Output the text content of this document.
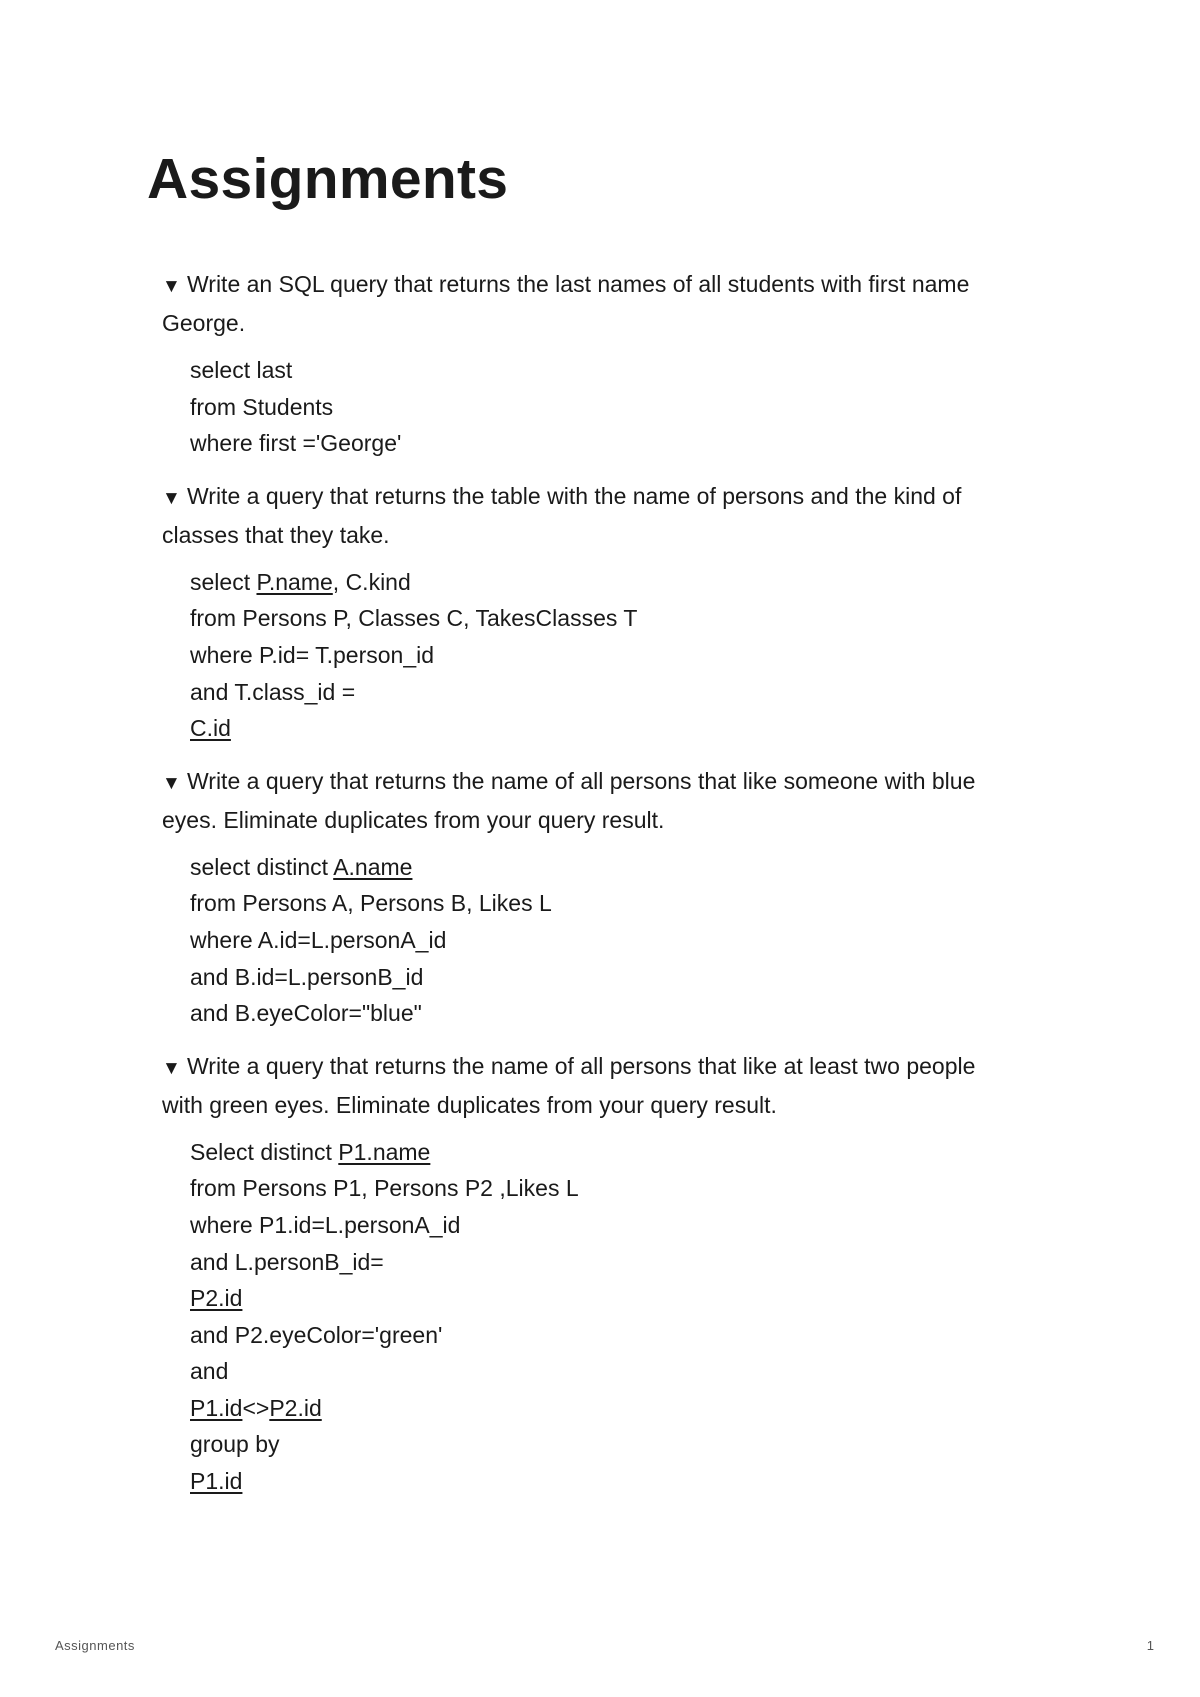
Assignments
▼ Write an SQL query that returns the last names of all students with first name
George.
select last
from Students
where first ='George'
▼ Write a query that returns the table with the name of persons and the kind of
classes that they take.
select P.name, C.kind
from Persons P, Classes C, TakesClasses T
where P.id= T.person_id
and T.class_id =
C.id
▼ Write a query that returns the name of all persons that like someone with blue
eyes. Eliminate duplicates from your query result.
select distinct A.name
from Persons A, Persons B, Likes L
where A.id=L.personA_id
and B.id=L.personB_id
and B.eyeColor="blue"
▼ Write a query that returns the name of all persons that like at least two people
with green eyes. Eliminate duplicates from your query result.
Select distinct P1.name
from Persons P1, Persons P2 ,Likes L
where P1.id=L.personA_id
and L.personB_id=
P2.id
and P2.eyeColor='green'
and
P1.id<>P2.id
group by
P1.id
Assignments	1
